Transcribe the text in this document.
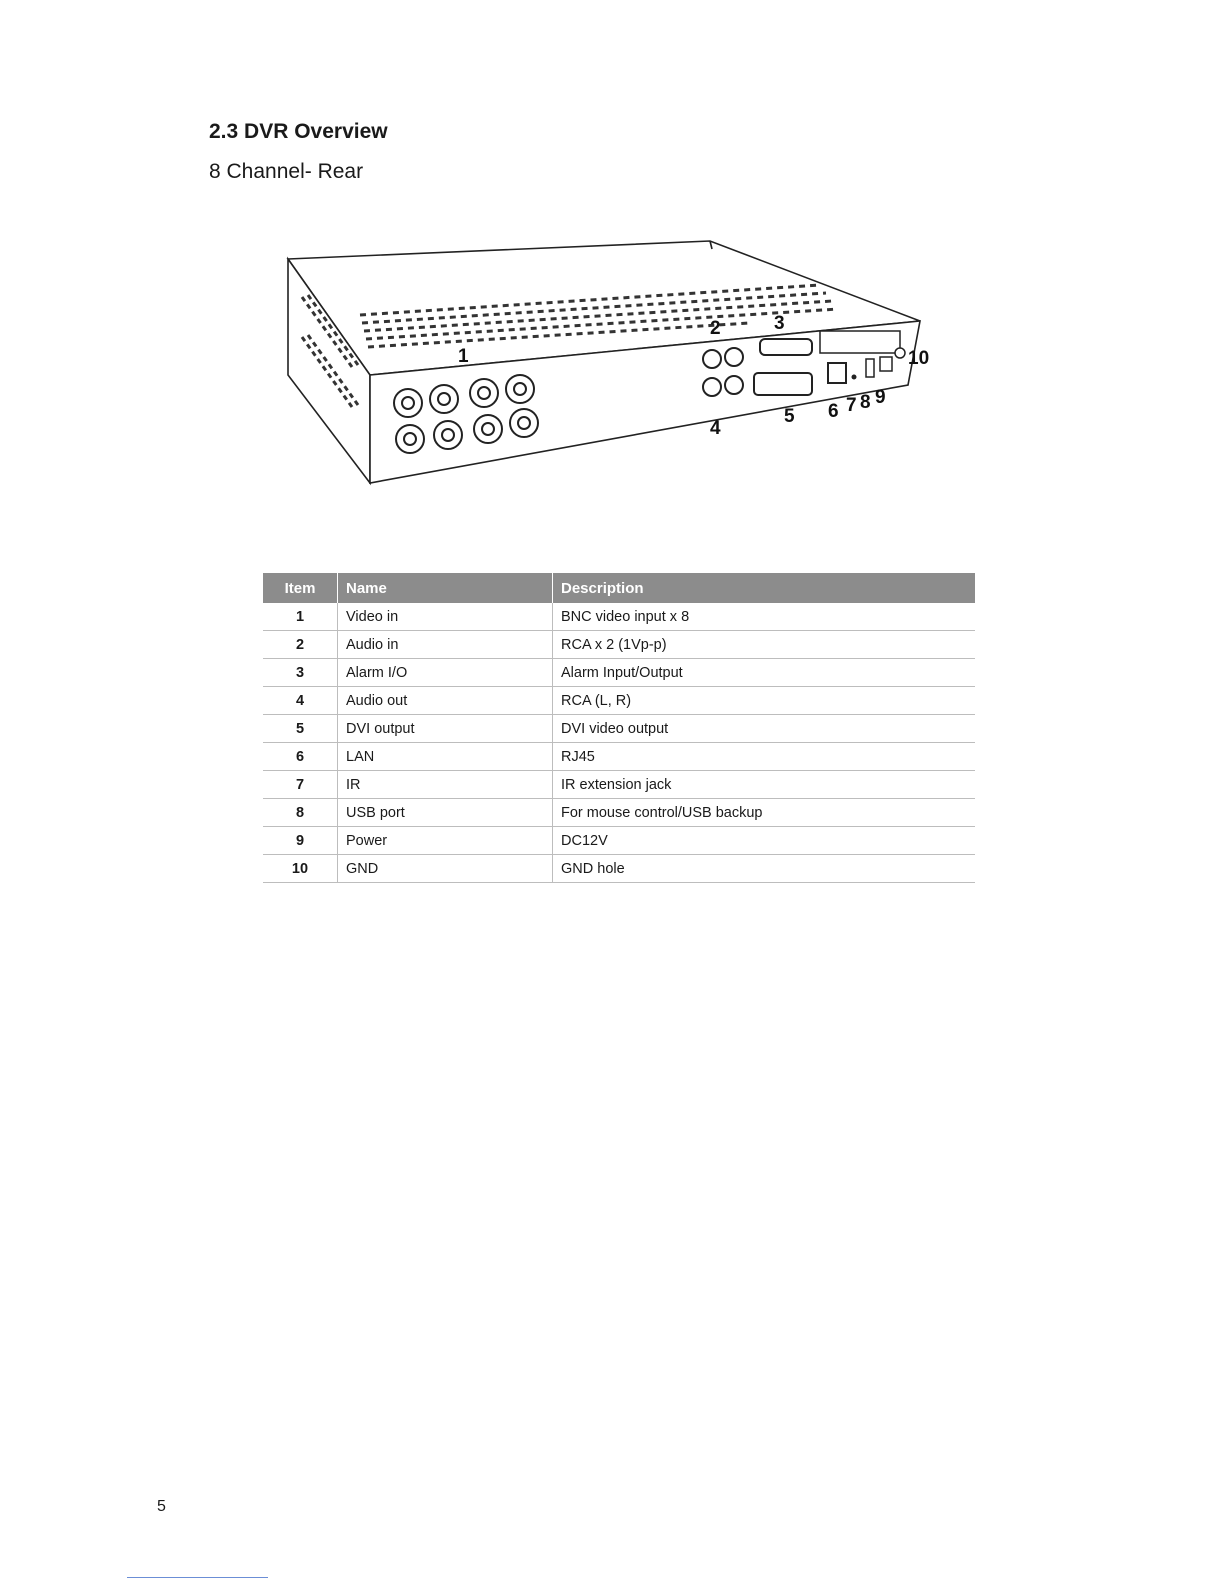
2.3 DVR Overview
8 Channel- Rear
1
2	3
4
5 6 7 8 9
10
Item	Name	Description
1	Video in	BNC video input x 8
2	Audio in	RCA x 2 (1Vp-p)
3	Alarm I/O	Alarm Input/Output
4	Audio out	RCA (L, R)
5	DVI output	DVI video output
6	LAN	RJ45
7	IR	IR extension jack
8	USB port	For mouse control/USB backup
9	Power	DC12V
10	GND	GND hole
5
